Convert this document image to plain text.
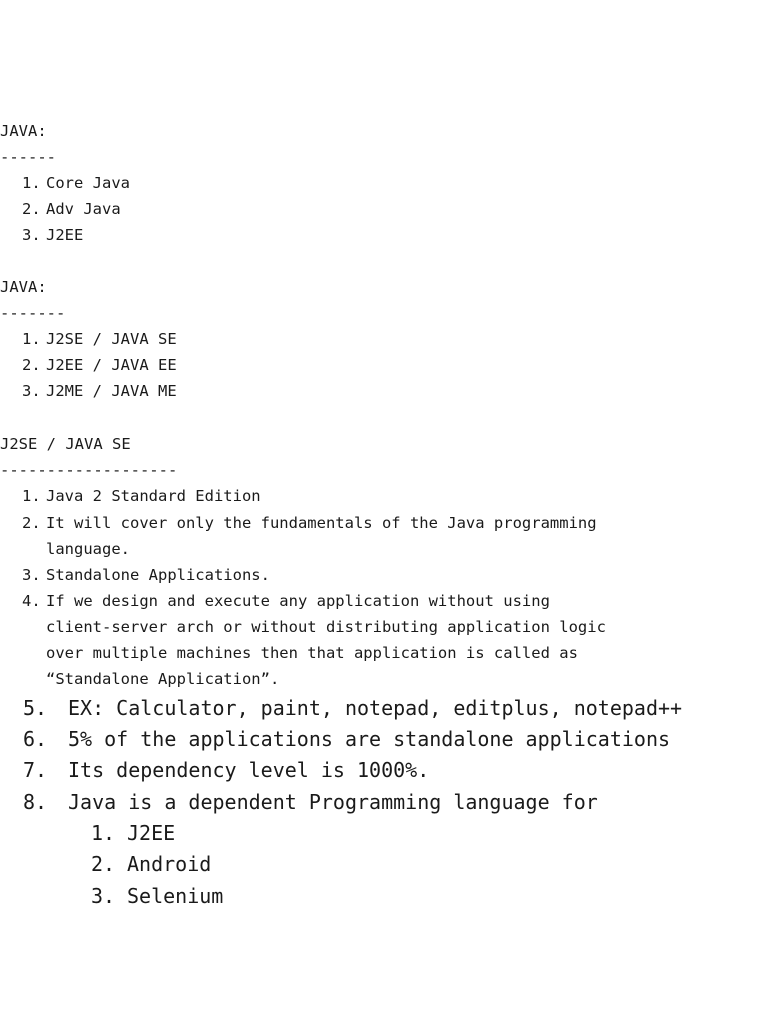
JAVA:
------
1. Core Java
2. Adv Java
3. J2EE
JAVA:
-------
1. J2SE / JAVA SE
2. J2EE / JAVA EE
3. J2ME / JAVA ME
J2SE / JAVA SE
-------------------
1. Java 2 Standard Edition
2. It will cover only the fundamentals of the Java programming
language.
3. Standalone Applications.
4. If we design and execute any application without using
client-server arch or without distributing application logic
over multiple machines then that application is called as
“Standalone Application”.
5. EX: Calculator, paint, notepad, editplus, notepad++
6. 5% of the applications are standalone applications
7. Its dependency level is 1000%.
8. Java is a dependent Programming language for
1. J2EE
2. Android
3. Selenium
